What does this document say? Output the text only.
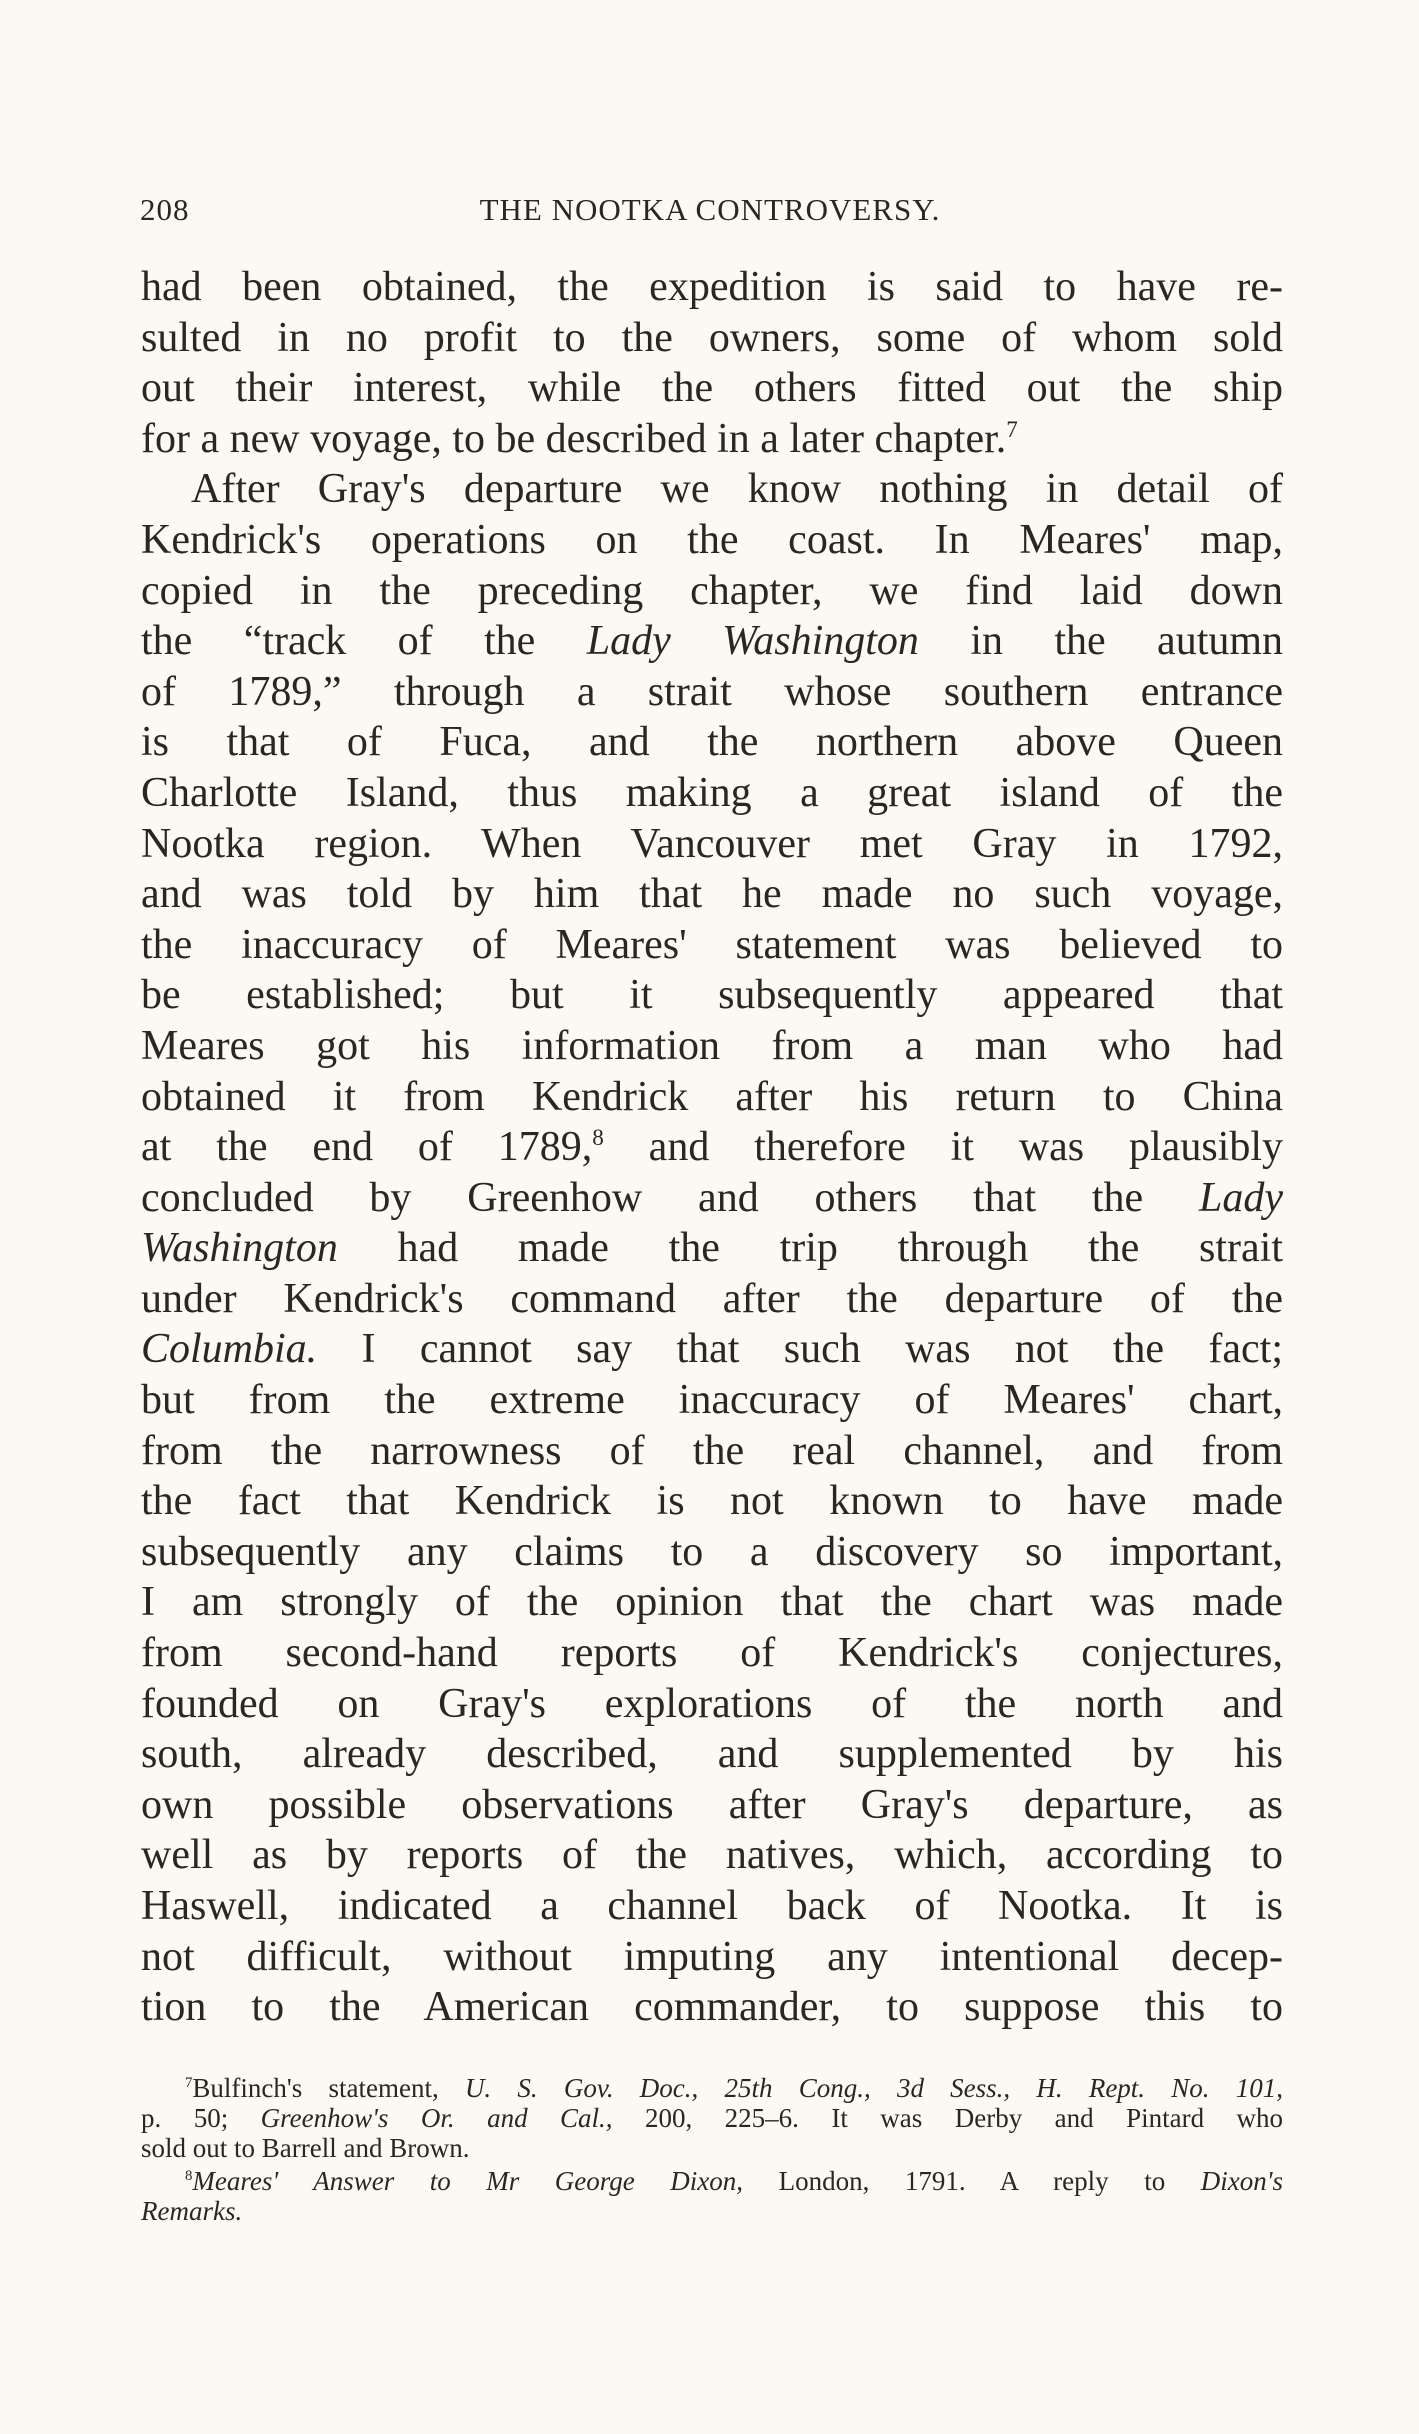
THE NOOTKA CONTROVERSY.
208
had been obtained, the expedition is said to have re-
sulted in no profit to the owners, some of whom sold
out their interest, while the others fitted out the ship
for a new voyage, to be described in a later chapter.$^7$
After Gray's departure we know nothing in detail of
Kendrick's operations on the coast. In Meares' map,
copied in the preceding chapter, we find laid down
the “track of the Lady Washington in the autumn
of 1789,” through a strait whose southern entrance
is that of Fuca, and the northern above Queen
Charlotte Island, thus making a great island of the
Nootka region. When Vancouver met Gray in 1792,
and was told by him that he made no such voyage,
the inaccuracy of Meares' statement was believed to
be established; but it subsequently appeared that
Meares got his information from a man who had
obtained it from Kendrick after his return to China
at the end of 1789,$^8$ and therefore it was plausibly
concluded by Greenhow and others that the Lady
Washington had made the trip through the strait
under Kendrick's command after the departure of the
Columbia. I cannot say that such was not the fact;
but from the extreme inaccuracy of Meares' chart,
from the narrowness of the real channel, and from
the fact that Kendrick is not known to have made
subsequently any claims to a discovery so important,
I am strongly of the opinion that the chart was made
from second-hand reports of Kendrick's conjectures,
founded on Gray's explorations of the north and
south, already described, and supplemented by his
own possible observations after Gray's departure, as
well as by reports of the natives, which, according to
Haswell, indicated a channel back of Nootka. It is
not difficult, without imputing any intentional decep-
tion to the American commander, to suppose this to
$^7$Bulfinch's statement, U. S. Gov. Doc., 25th Cong., 3d Sess., H. Rept. No. 101,
p. 50; Greenhow's Or. and Cal., 200, 225–6. It was Derby and Pintard who
sold out to Barrell and Brown.
$^8$Meares' Answer to Mr George Dixon, London, 1791. A reply to Dixon's
Remarks.
